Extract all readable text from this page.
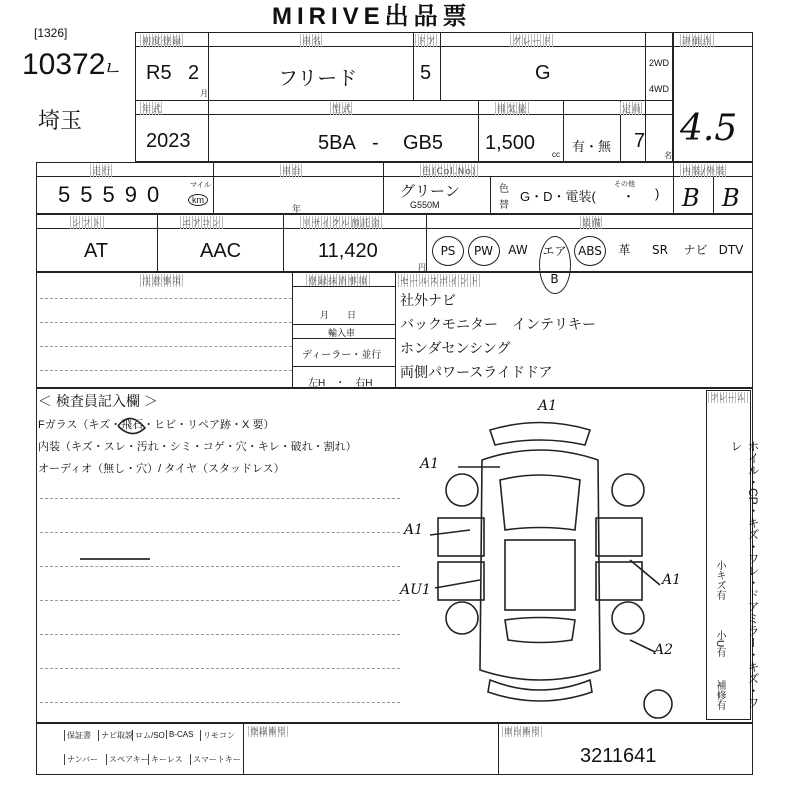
MIRIVE出品票
[1326]
10372
ㄴ
埼玉
初度登録	車名	ドア	グレード	評価点
年式	型式	排気量	定員
R5 2
月
フリード	5	G	2WD
4WD
2023	5BA - GB5 1,500
cc
有・無 7
名
4.5
走行	車台	色(Col.No)	内装/外装
55590	マイル
km
年
グリーン
G550M
色
替
G・D・電装( ・ )
その他 B B
シフト	エアコン	リサイクル預託金	装備
AT	AAC	11,420
円
PS	PW	AW	エアB
ABS	革	SR	ナビ DTV
注意事項	登録抹消事項	セールスポイント
月　　日
輸入車
ディーラー・並行
左H　・　右H
社外ナビ
バックモニター　インテリキー
ホンダセンシング
両側パワースライドドア
＜ 検査員記入欄 ＞
Fガラス（キズ・飛石・ヒビ・リペア跡・X 要）
内装（キズ・スレ・汚れ・シミ・コゲ・穴・キレ・破れ・割れ）
オーディオ（無し・穴）/ タイヤ（スタッドレス）
A1
A1
A1
AU1
A1
A2
フレーム
ホイル・CP・キズ・ワレ・ドアミラー・キズ・ワレ
小キズ有
小U有
補修有
保証書	ナビ取説 ロム/SO B-CAS	リモコン
ナンバー	スペアキー キーレス	スマートキー
登録番号	車台番号
3211641
